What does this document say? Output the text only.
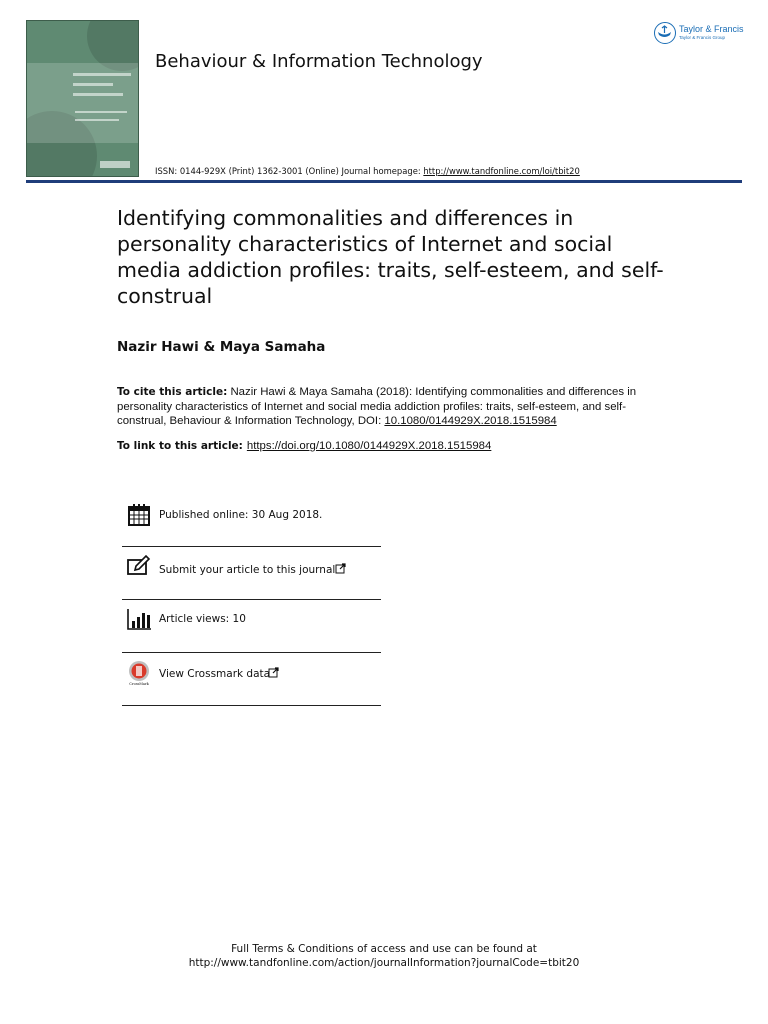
Behaviour & Information Technology
ISSN: 0144-929X (Print) 1362-3001 (Online) Journal homepage: http://www.tandfonline.com/loi/tbit20
Taylor & Francis
Taylor & Francis Group
Identifying commonalities and differences in personality characteristics of Internet and social media addiction profiles: traits, self-esteem, and self-construal
Nazir Hawi & Maya Samaha
To cite this article: Nazir Hawi & Maya Samaha (2018): Identifying commonalities and differences in personality characteristics of Internet and social media addiction profiles: traits, self-esteem, and self-construal, Behaviour & Information Technology, DOI: 10.1080/0144929X.2018.1515984
To link to this article: https://doi.org/10.1080/0144929X.2018.1515984
Published online: 30 Aug 2018.
Submit your article to this journal
Article views: 10
CrossMark
View Crossmark data
Full Terms & Conditions of access and use can be found at
http://www.tandfonline.com/action/journalInformation?journalCode=tbit20
